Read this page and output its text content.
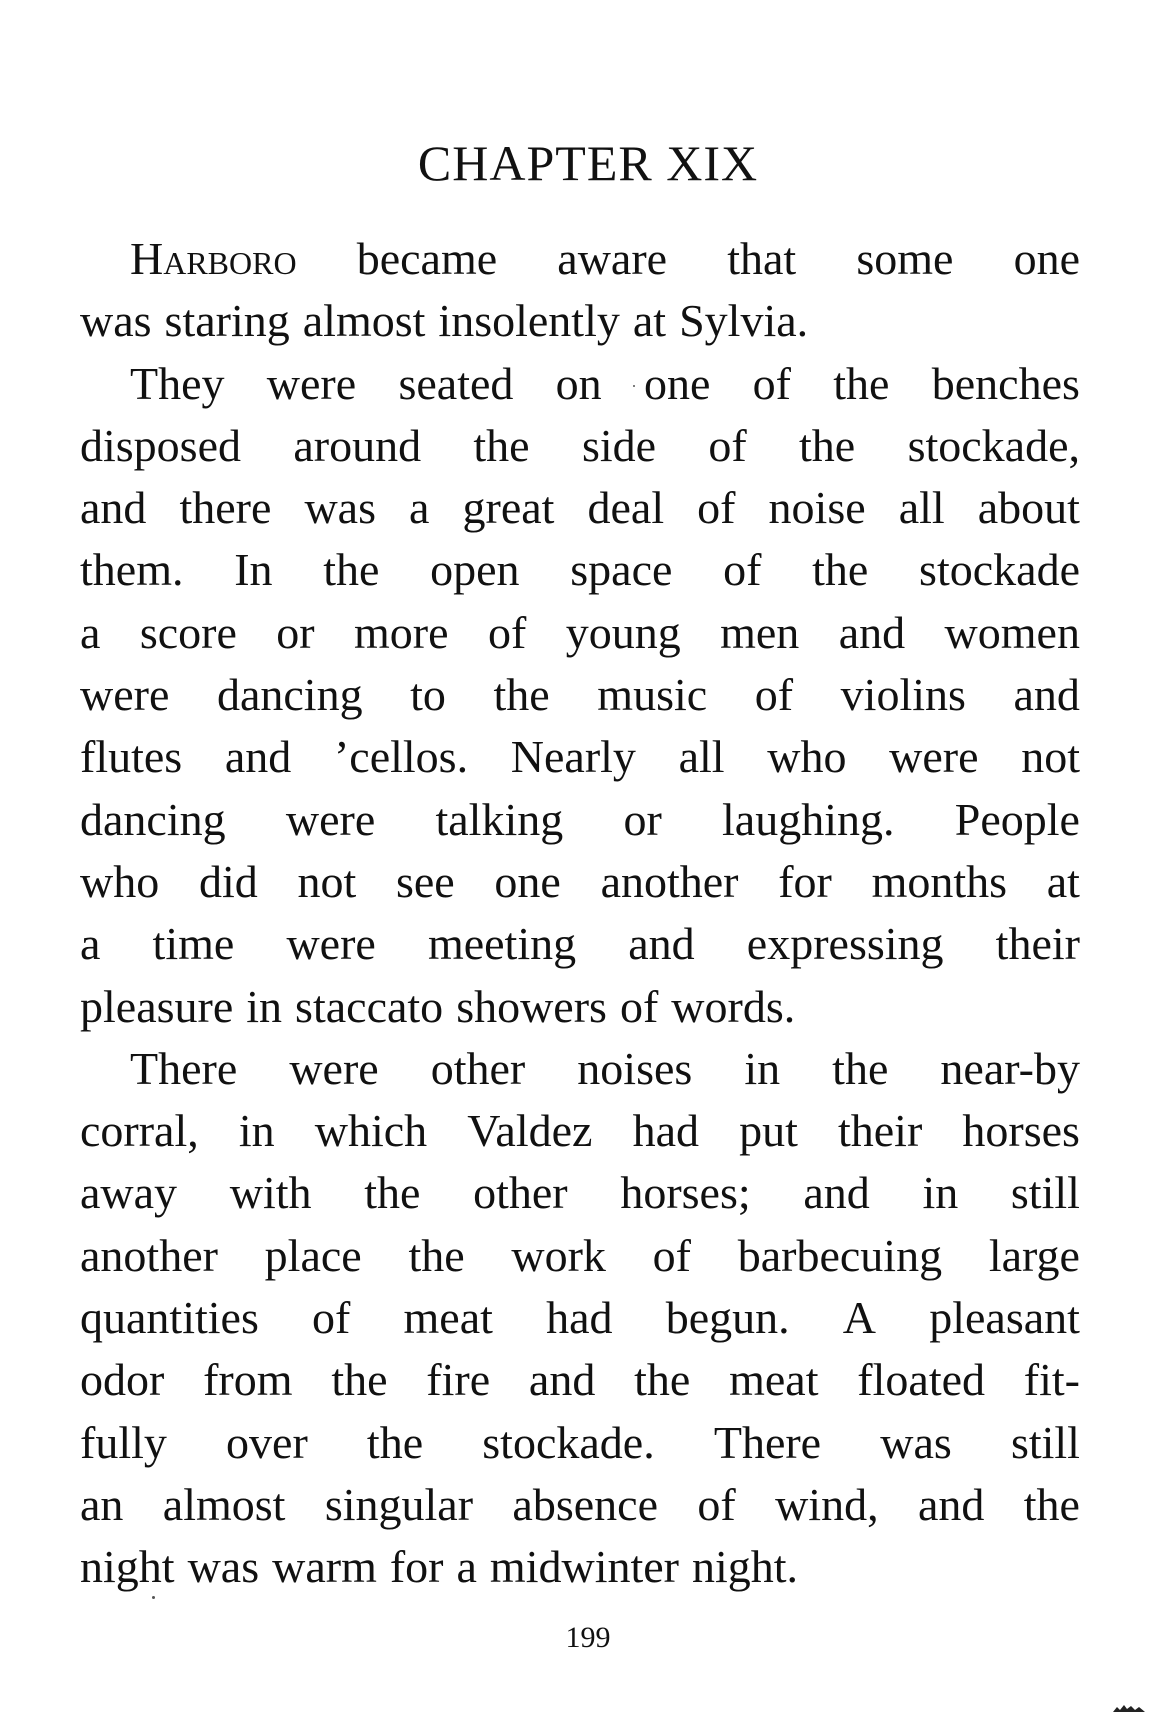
CHAPTER XIX
Harboro became aware that some one
was staring almost insolently at Sylvia.
They were seated on one of the benches
disposed around the side of the stockade,
and there was a great deal of noise all about
them. In the open space of the stockade
a score or more of young men and women
were dancing to the music of violins and
flutes and ’cellos. Nearly all who were not
dancing were talking or laughing. People
who did not see one another for months at
a time were meeting and expressing their
pleasure in staccato showers of words.
There were other noises in the near-by
corral, in which Valdez had put their horses
away with the other horses; and in still
another place the work of barbecuing large
quantities of meat had begun. A pleasant
odor from the fire and the meat floated fit-
fully over the stockade. There was still
an almost singular absence of wind, and the
night was warm for a midwinter night.
199
